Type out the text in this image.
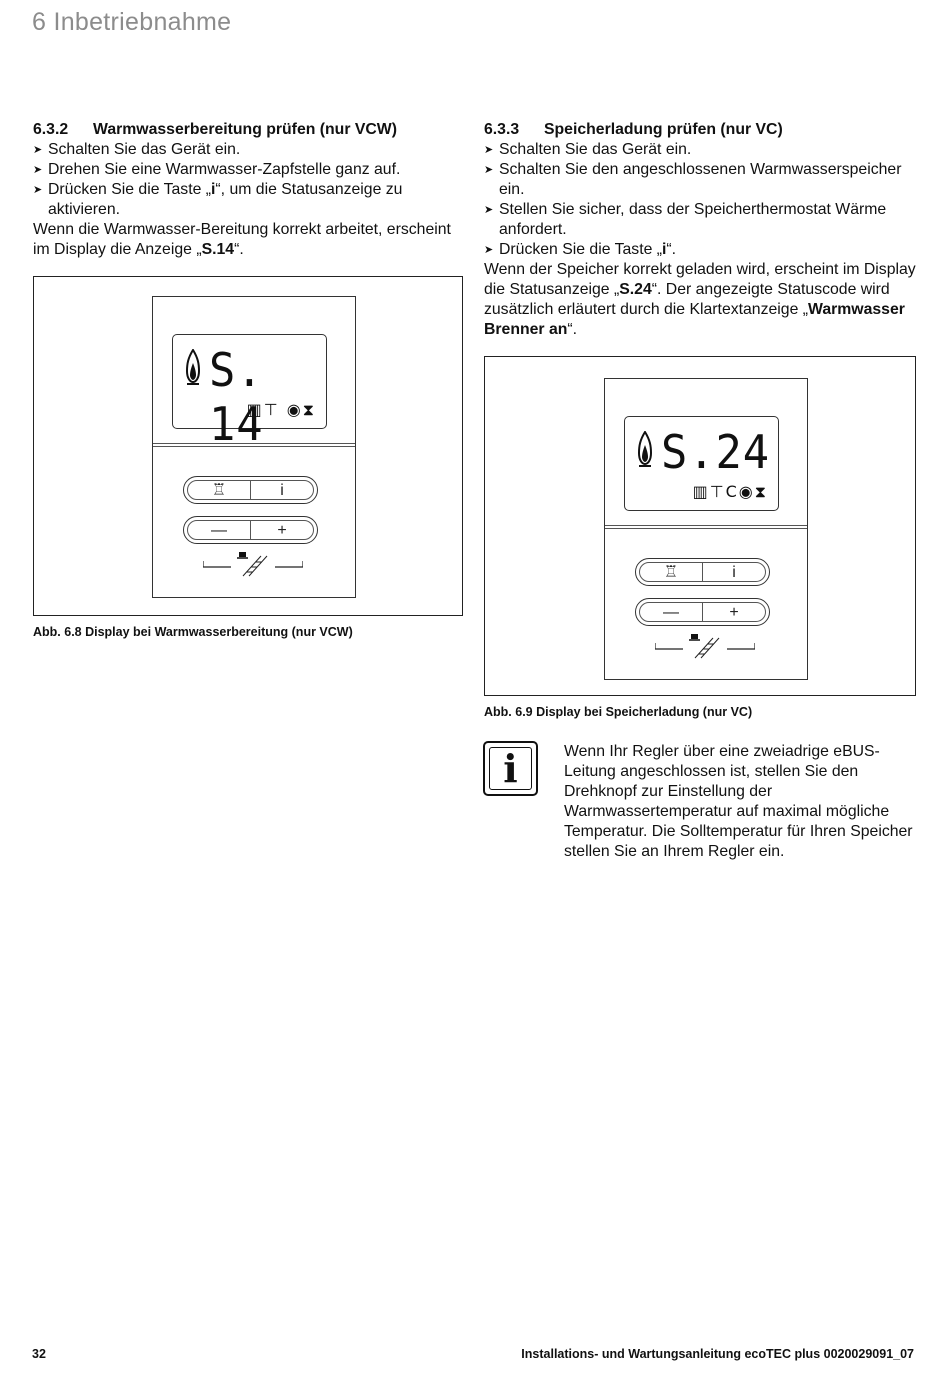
6 Inbetriebnahme
6.3.2 Warmwasserbereitung prüfen (nur VCW)
➤ Schalten Sie das Gerät ein.
➤ Drehen Sie eine Warmwasser-Zapfstelle ganz auf.
➤ Drücken Sie die Taste „i“, um die Statusanzeige zu aktivieren.
Wenn die Warmwasser-Bereitung korrekt arbeitet, erscheint im Display die Anzeige „S.14“.
S. 14
▥⊤ ◉⧗
♖	i
—	+
Abb. 6.8 Display bei Warmwasserbereitung (nur VCW)
6.3.3 Speicherladung prüfen (nur VC)
➤ Schalten Sie das Gerät ein.
➤ Schalten Sie den angeschlossenen Warmwasserspeicher ein.
➤ Stellen Sie sicher, dass der Speicherthermostat Wärme anfordert.
➤ Drücken Sie die Taste „i“.
Wenn der Speicher korrekt geladen wird, erscheint im Display die Statusanzeige „S.24“. Der angezeigte Statuscode wird zusätzlich erläutert durch die Klartextanzeige „Warmwasser Brenner an“.
S.24
▥⊤C◉⧗
♖	i
—	+
Abb. 6.9 Display bei Speicherladung (nur VC)
i	Wenn Ihr Regler über eine zweiadrige eBUS-Leitung angeschlossen ist, stellen Sie den Drehknopf zur Einstellung der Warmwassertemperatur auf maximal mögliche Temperatur. Die Solltemperatur für Ihren Speicher stellen Sie an Ihrem Regler ein.
32	Installations- und Wartungsanleitung ecoTEC plus 0020029091_07
